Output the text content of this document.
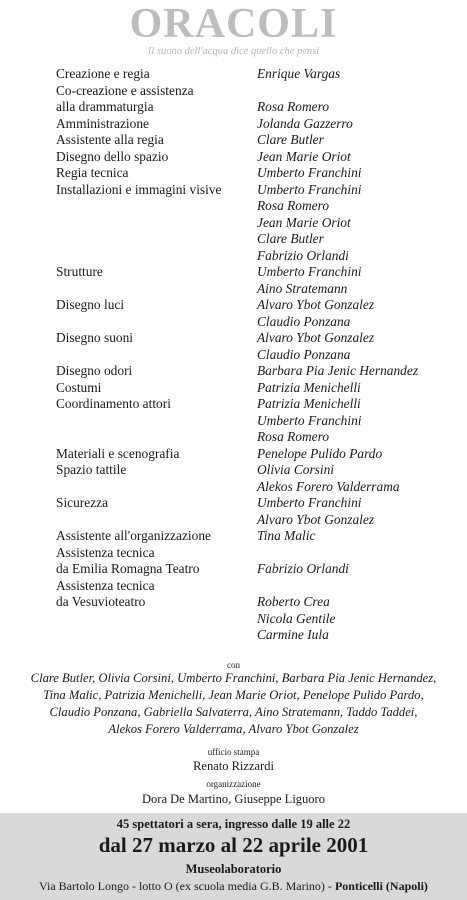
ORACOLI
Il suono dell'acqua dice quello che pensi
Creazione e regia	Enrique Vargas
Co-creazione e assistenza
alla drammaturgia	Rosa Romero
Amministrazione	Jolanda Gazzerro
Assistente alla regia	Clare Butler
Disegno dello spazio	Jean Marie Oriot
Regia tecnica	Umberto Franchini
Installazioni e immagini visive	Umberto Franchini
Rosa Romero
Jean Marie Oriot
Clare Butler
Fabrizio Orlandi
Strutture	Umberto Franchini
Aino Stratemann
Disegno luci	Alvaro Ybot Gonzalez
Claudio Ponzana
Disegno suoni	Alvaro Ybot Gonzalez
Claudio Ponzana
Disegno odori	Barbara Pia Jenic Hernandez
Costumi	Patrizia Menichelli
Coordinamento attori	Patrizia Menichelli
Umberto Franchini
Rosa Romero
Materiali e scenografia	Penelope Pulido Pardo
Spazio tattile	Olivia Corsini
Alekos Forero Valderrama
Sicurezza	Umberto Franchini
Alvaro Ybot Gonzalez
Assistente all'organizzazione	Tina Malic
Assistenza tecnica
da Emilia Romagna Teatro	Fabrizio Orlandi
Assistenza tecnica
da Vesuvioteatro	Roberto Crea
Nicola Gentile
Carmine Iula
con
Clare Butler, Olivia Corsini, Umberto Franchini, Barbara Pia Jenic Hernandez,
Tina Malic, Patrizia Menichelli, Jean Marie Oriot, Penelope Pulido Pardo,
Claudio Ponzana, Gabriella Salvaterra, Aino Stratemann, Taddo Taddei,
Alekos Forero Valderrama, Alvaro Ybot Gonzalez
ufficio stampa
Renato Rizzardi
organizzazione
Dora De Martino, Giuseppe Liguoro
45 spettatori a sera, ingresso dalle 19 alle 22
dal 27 marzo al 22 aprile 2001
Museolaboratorio
Via Bartolo Longo - lotto O (ex scuola media G.B. Marino) - Ponticelli (Napoli)
